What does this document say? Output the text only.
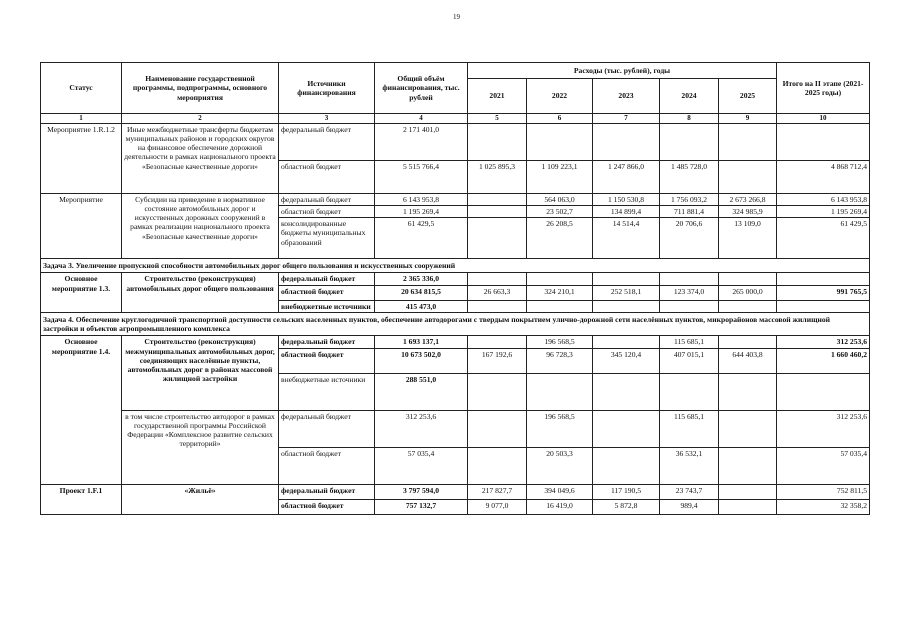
19
Статус	Наименование государственной программы, подпрограммы, основного мероприятия	Источники финансирования	Общий объём финансирования, тыс. рублей	Расходы (тыс. рублей), годы					Итого на II этапе (2021-2025 годы)
				2021	2022	2023	2024	2025	
1	2	3	4	5	6	7	8	9	10
Мероприятие 1.R.1.2	Иные межбюджетные трансферты бюджетам муниципальных районов и городских округов на финансовое обеспечение дорожной деятельности в рамках национального проекта «Безопасные качественные дороги»	федеральный бюджет	2 171 401,0						
		областной бюджет	5 515 766,4	1 025 895,3	1 109 223,1	1 247 866,0	1 485 728,0		4 868 712,4
Мероприятие	Субсидии на приведение в нормативное состояние автомобильных дорог и искусственных дорожных сооружений в рамках реализации национального проекта «Безопасные качественные дороги»	федеральный бюджет	6 143 953,8		564 063,0	1 150 530,8	1 756 093,2	2 673 266,8	6 143 953,8
		областной бюджет	1 195 269,4		23 502,7	134 899,4	711 881,4	324 985,9	1 195 269,4
		консолидированные бюджеты муниципальных образований	61 429,5		26 208,5	14 514,4	20 706,6	13 109,0	61 429,5
Задача 3. Увеличение пропускной способности автомобильных дорог общего пользования и искусственных сооружений									
Основное мероприятие 1.3.	Строительство (реконструкция) автомобильных дорог общего пользования	федеральный бюджет	2 365 336,0						
		областной бюджет	20 634 815,5	26 663,3	324 210,1	252 518,1	123 374,0	265 000,0	991 765,5
		внебюджетные источники	415 473,0						
Задача 4. Обеспечение круглогодичной транспортной доступности сельских населенных пунктов, обеспечение автодорогами с твердым покрытием улично-дорожной сети населённых пунктов, микрорайонов массовой жилищной застройки и объектов агропромышленного комплекса									
Основное мероприятие 1.4.	Строительство (реконструкция) межмуниципальных автомобильных дорог, соединяющих населённые пункты, автомобильных дорог в районах массовой жилищной застройки	федеральный бюджет	1 693 137,1		196 568,5		115 685,1		312 253,6
		областной бюджет	10 673 502,0	167 192,6	96 728,3	345 120,4	407 015,1	644 403,8	1 660 460,2
		внебюджетные источники	288 551,0						
	в том числе строительство автодорог в рамках государственной программы Российской Федерации «Комплексное развитие сельских территорий»	федеральный бюджет	312 253,6		196 568,5		115 685,1		312 253,6
		областной бюджет	57 035,4		20 503,3		36 532,1		57 035,4
Проект 1.F.1	«Жильё»	федеральный бюджет	3 797 594,0	217 827,7	394 049,6	117 190,5	23 743,7		752 811,5
		областной бюджет	757 132,7	9 077,0	16 419,0	5 872,8	989,4		32 358,2
